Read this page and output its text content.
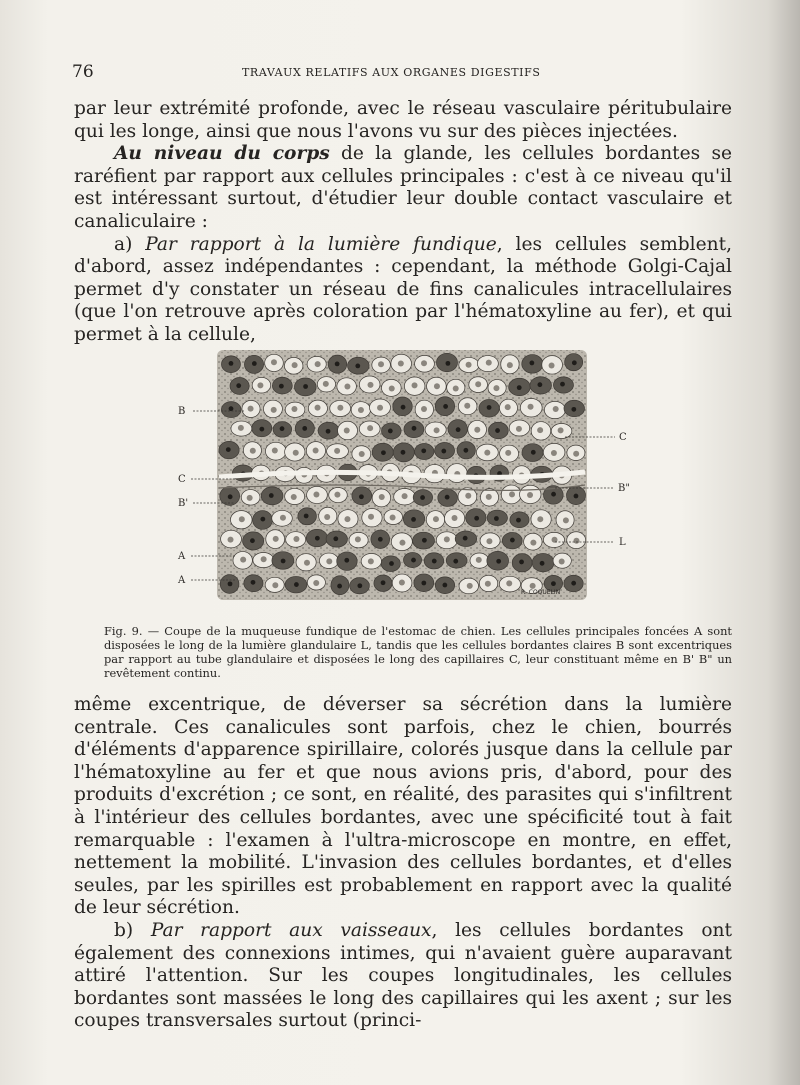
76	TRAVAUX RELATIFS AUX ORGANES DIGESTIFS

par leur extrémité profonde, avec le réseau vasculaire péritubulaire qui les longe, ainsi que nous l'avons vu sur des pièces injectées.

Au niveau du corps de la glande, les cellules bordantes se raréfient par rapport aux cellules principales : c'est à ce niveau qu'il est intéressant surtout, d'étudier leur double contact vasculaire et canaliculaire :

a) Par rapport à la lumière fundique, les cellules semblent, d'abord, assez indépendantes : cependant, la méthode Golgi-Cajal permet d'y constater un réseau de fins canalicules intracellulaires (que l'on retrouve après coloration par l'hématoxyline au fer), et qui permet à la cellule,

B
C
B'
A
A
C
B"
L
R. COQUELIN

Fig. 9. — Coupe de la muqueuse fundique de l'estomac de chien. Les cellules principales foncées A sont disposées le long de la lumière glandulaire L, tandis que les cellules bordantes claires B sont excentriques par rapport au tube glandulaire et disposées le long des capillaires C, leur constituant même en B' B" un revêtement continu.

même excentrique, de déverser sa sécrétion dans la lumière centrale. Ces canalicules sont parfois, chez le chien, bourrés d'éléments d'apparence spirillaire, colorés jusque dans la cellule par l'hématoxyline au fer et que nous avions pris, d'abord, pour des produits d'excrétion ; ce sont, en réalité, des parasites qui s'infiltrent à l'intérieur des cellules bordantes, avec une spécificité tout à fait remarquable : l'examen à l'ultra-microscope en montre, en effet, nettement la mobilité. L'invasion des cellules bordantes, et d'elles seules, par les spirilles est probablement en rapport avec la qualité de leur sécrétion.

b) Par rapport aux vaisseaux, les cellules bordantes ont également des connexions intimes, qui n'avaient guère auparavant attiré l'attention. Sur les coupes longitudinales, les cellules bordantes sont massées le long des capillaires qui les axent ; sur les coupes transversales surtout (princi-
